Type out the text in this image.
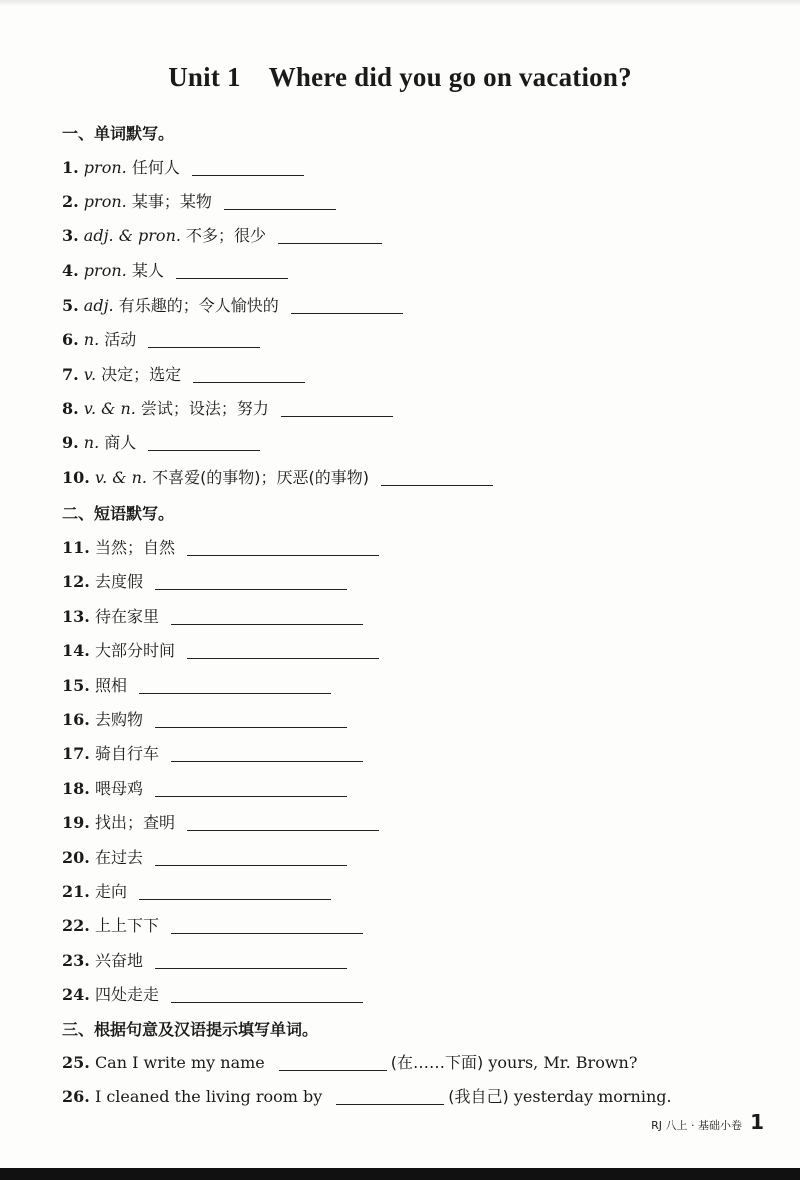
Unit 1 Where did you go on vacation?
一、单词默写。
1.
pron.
任何人
2.
pron.
某事；某物
3.
adj. & pron.
不多；很少
4.
pron.
某人
5.
adj.
有乐趣的；令人愉快的
6.
n.
活动
7.
v.
决定；选定
8.
v. & n.
尝试；设法；努力
9.
n.
商人
10.
v. & n.
不喜爱(的事物)；厌恶(的事物)
二、短语默写。
11.
当然；自然
12.
去度假
13.
待在家里
14.
大部分时间
15.
照相
16.
去购物
17.
骑自行车
18.
喂母鸡
19.
找出；查明
20.
在过去
21.
走向
22.
上上下下
23.
兴奋地
24.
四处走走
三、根据句意及汉语提示填写单词。
25.
Can I write my name	(在……下面)
yours, Mr. Brown?
26.
I cleaned the living room by	(我自己)
yesterday morning.
RJ 八上 · 基础小卷 1
